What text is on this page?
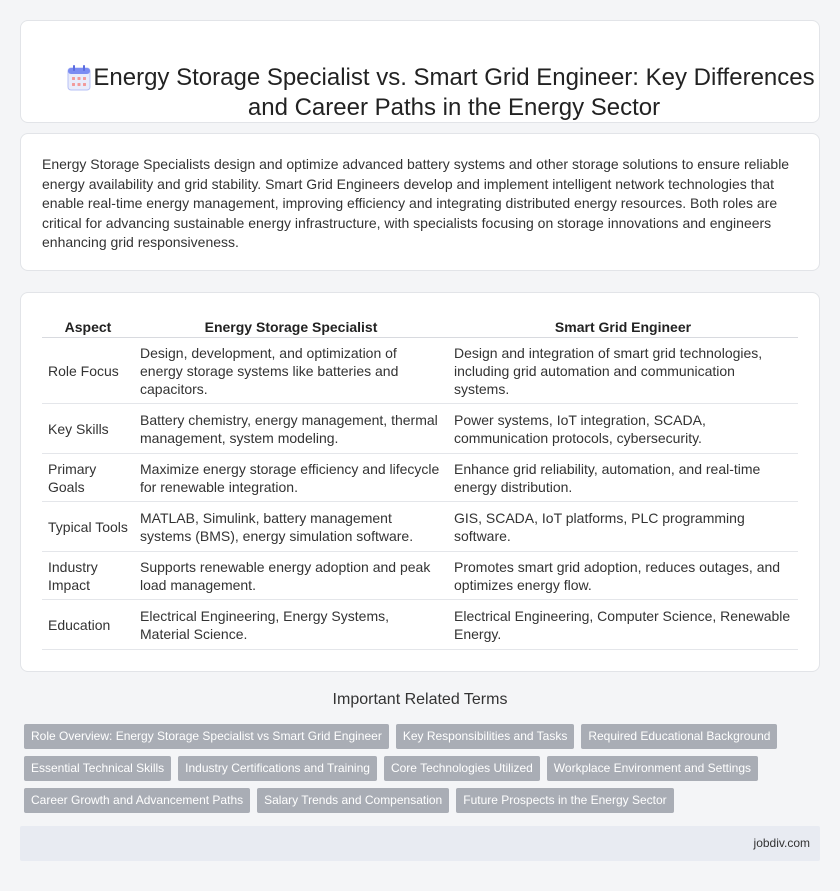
Energy Storage Specialist vs. Smart Grid Engineer: Key Differences and Career Paths in the Energy Sector

Energy Storage Specialists design and optimize advanced battery systems and other storage solutions to ensure reliable energy availability and grid stability. Smart Grid Engineers develop and implement intelligent network technologies that enable real-time energy management, improving efficiency and integrating distributed energy resources. Both roles are critical for advancing sustainable energy infrastructure, with specialists focusing on storage innovations and engineers enhancing grid responsiveness.

Aspect	Energy Storage Specialist	Smart Grid Engineer
Role Focus	Design, development, and optimization of energy storage systems like batteries and capacitors.	Design and integration of smart grid technologies, including grid automation and communication systems.
Key Skills	Battery chemistry, energy management, thermal management, system modeling.	Power systems, IoT integration, SCADA, communication protocols, cybersecurity.
Primary Goals	Maximize energy storage efficiency and lifecycle for renewable integration.	Enhance grid reliability, automation, and real-time energy distribution.
Typical Tools	MATLAB, Simulink, battery management systems (BMS), energy simulation software.	GIS, SCADA, IoT platforms, PLC programming software.
Industry Impact	Supports renewable energy adoption and peak load management.	Promotes smart grid adoption, reduces outages, and optimizes energy flow.
Education	Electrical Engineering, Energy Systems, Material Science.	Electrical Engineering, Computer Science, Renewable Energy.
Important Related Terms
Role Overview: Energy Storage Specialist vs Smart Grid Engineer	Key Responsibilities and Tasks	Required Educational Background
Essential Technical Skills	Industry Certifications and Training	Core Technologies Utilized	Workplace Environment and Settings
Career Growth and Advancement Paths	Salary Trends and Compensation	Future Prospects in the Energy Sector
jobdiv.com
